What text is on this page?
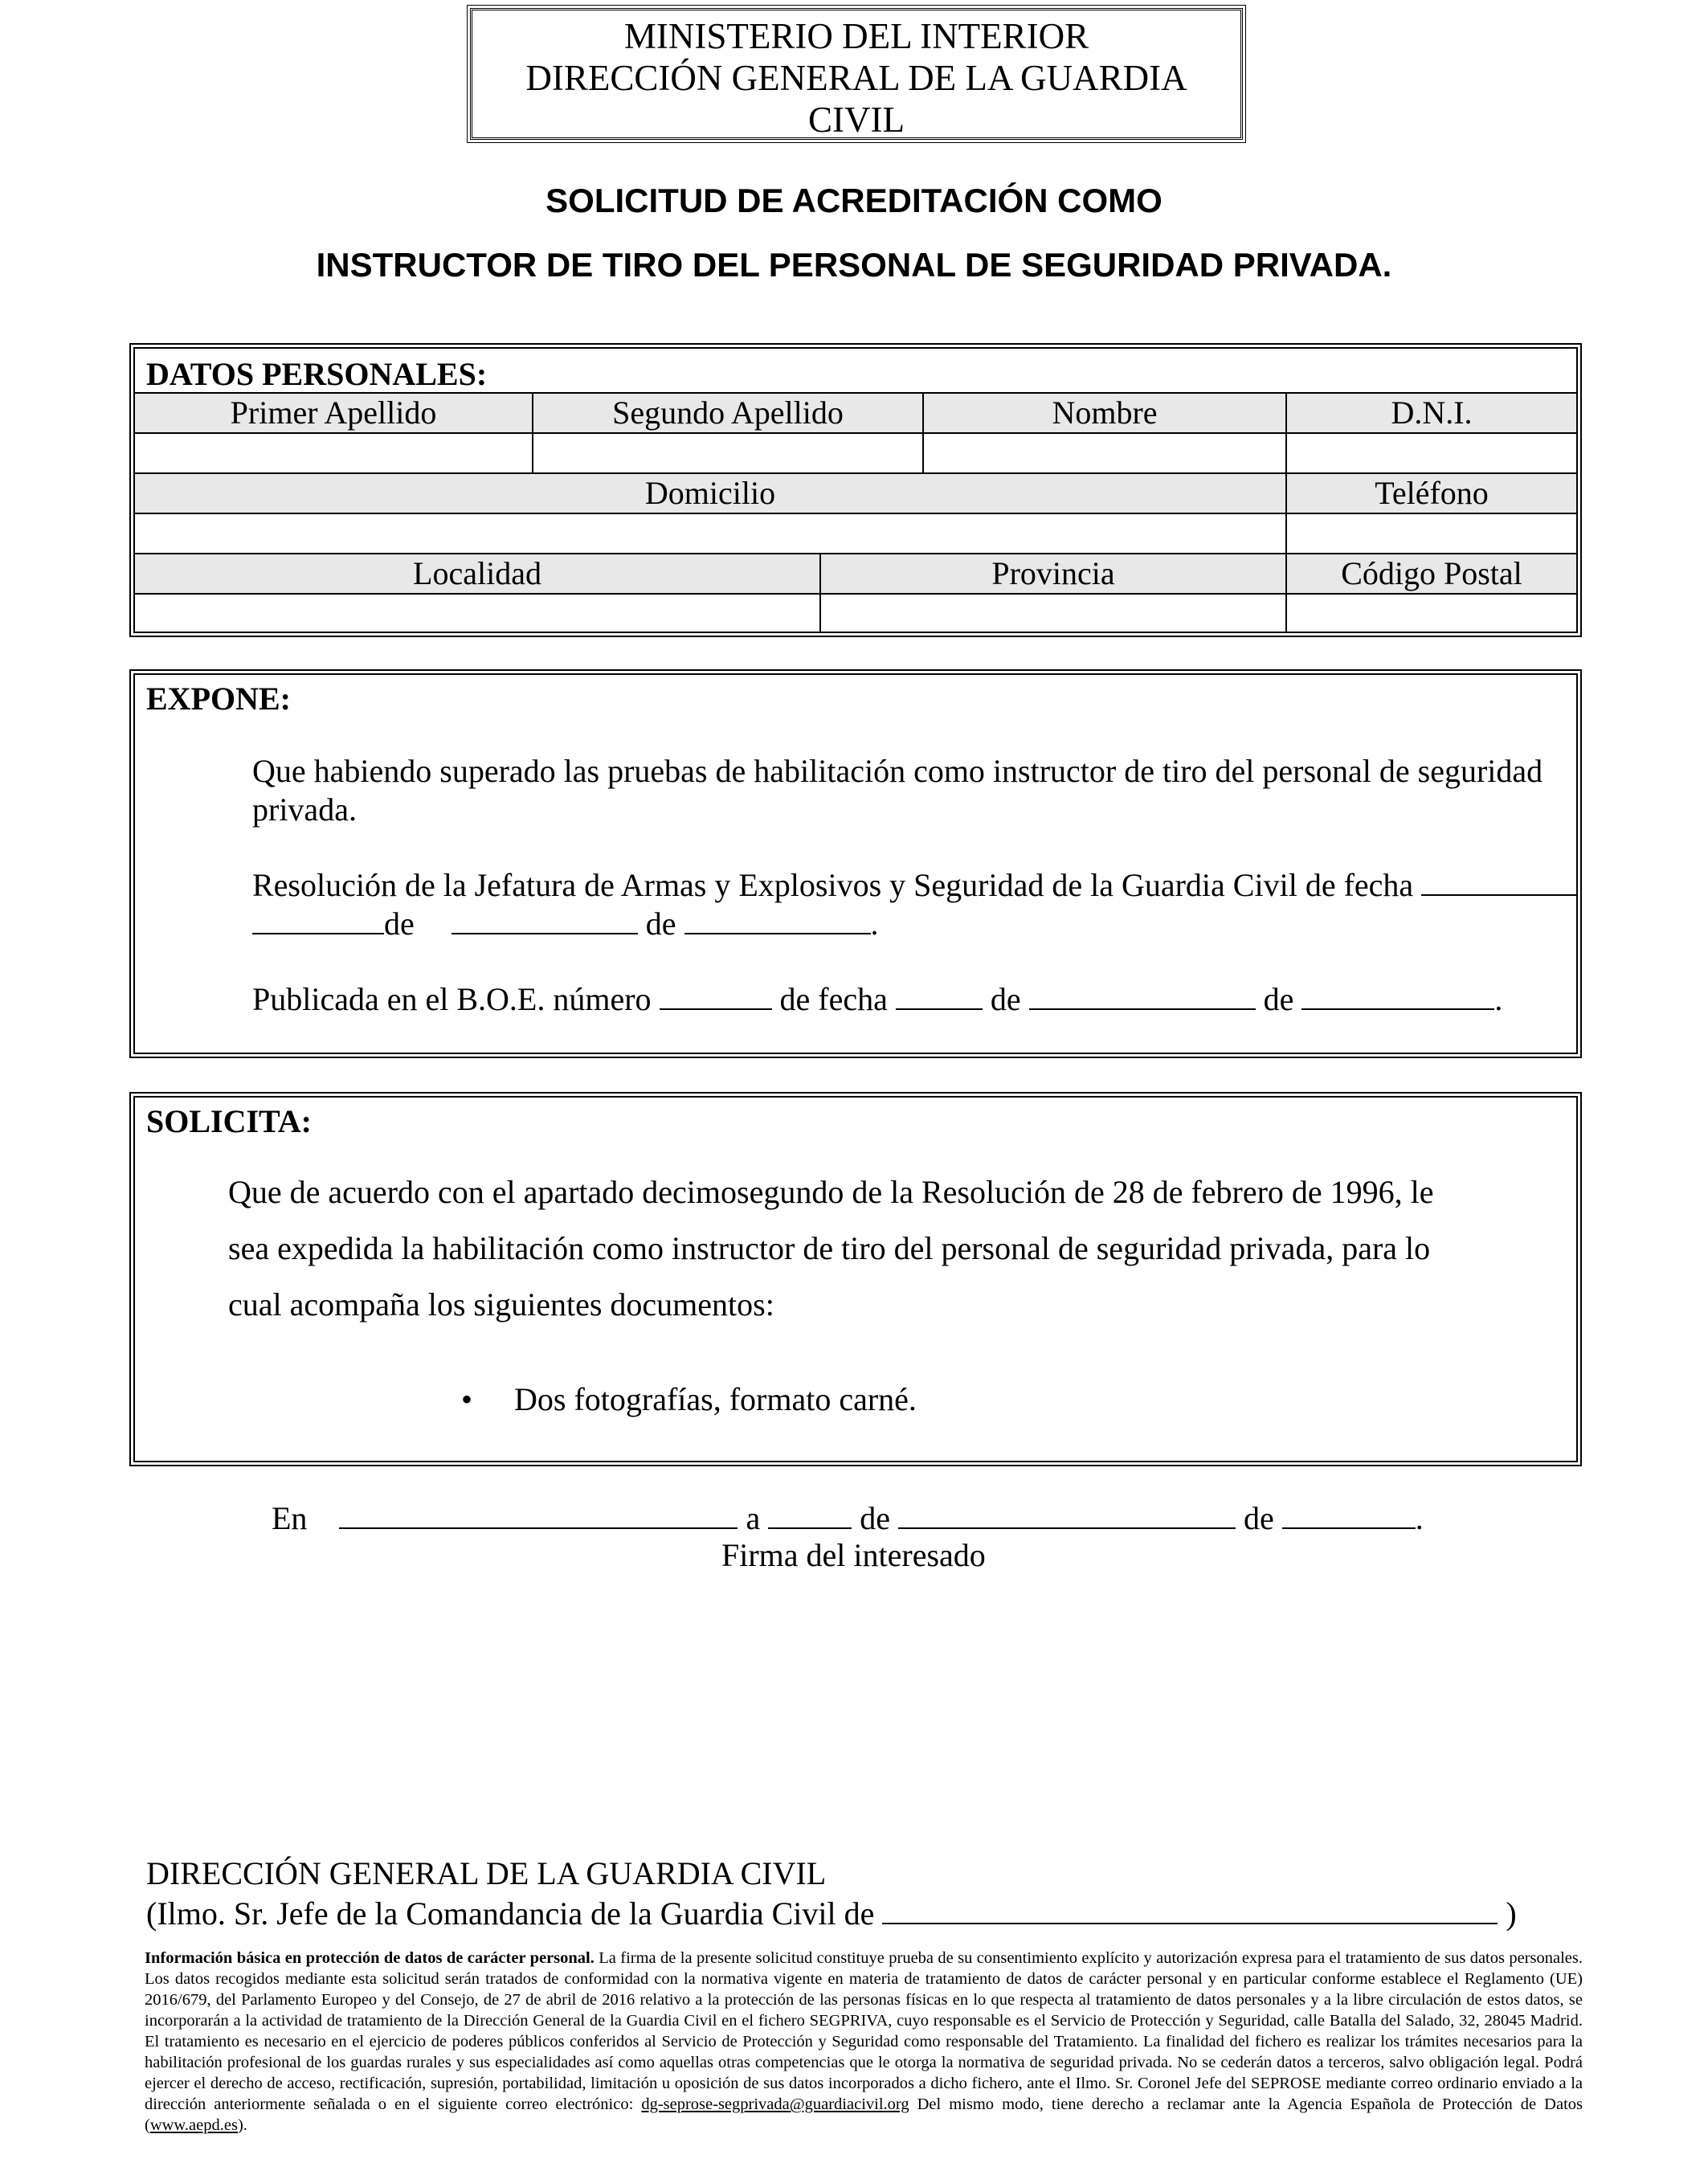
MINISTERIO DEL INTERIOR
DIRECCIÓN GENERAL DE LA GUARDIA
CIVIL
SOLICITUD DE ACREDITACIÓN COMO
INSTRUCTOR DE TIRO DEL PERSONAL DE SEGURIDAD PRIVADA.
DATOS PERSONALES:
Primer Apellido	Segundo Apellido	Nombre	D.N.I.
Domicilio	Teléfono
Localidad	Provincia	Código Postal
EXPONE:
Que habiendo superado las pruebas de habilitación como instructor de tiro del personal de seguridad
privada.
Resolución de la Jefatura de Armas y Explosivos y Seguridad de la Guardia Civil de fecha
de	de	.
Publicada en el B.O.E. número	de fecha	de	de	.
SOLICITA:
Que de acuerdo con el apartado decimosegundo de la Resolución de 28 de febrero de 1996, le
sea expedida la habilitación como instructor de tiro del personal de seguridad privada, para lo
cual acompaña los siguientes documentos:
• Dos fotografías, formato carné.
En	a	de	de	.
Firma del interesado
DIRECCIÓN GENERAL DE LA GUARDIA CIVIL
(Ilmo. Sr. Jefe de la Comandancia de la Guardia Civil de	)
Información básica en protección de datos de carácter personal. La firma de la presente solicitud constituye prueba de su consentimiento explícito y autorización expresa para el tratamiento de sus datos personales. Los datos recogidos mediante esta solicitud serán tratados de conformidad con la normativa vigente en materia de tratamiento de datos de carácter personal y en particular conforme establece el Reglamento (UE) 2016/679, del Parlamento Europeo y del Consejo, de 27 de abril de 2016 relativo a la protección de las personas físicas en lo que respecta al tratamiento de datos personales y a la libre circulación de estos datos, se incorporarán a la actividad de tratamiento de la Dirección General de la Guardia Civil en el fichero SEGPRIVA, cuyo responsable es el Servicio de Protección y Seguridad, calle Batalla del Salado, 32, 28045 Madrid. El tratamiento es necesario en el ejercicio de poderes públicos conferidos al Servicio de Protección y Seguridad como responsable del Tratamiento. La finalidad del fichero es realizar los trámites necesarios para la habilitación profesional de los guardas rurales y sus especialidades así como aquellas otras competencias que le otorga la normativa de seguridad privada. No se cederán datos a terceros, salvo obligación legal. Podrá ejercer el derecho de acceso, rectificación, supresión, portabilidad, limitación u oposición de sus datos incorporados a dicho fichero, ante el Ilmo. Sr. Coronel Jefe del SEPROSE mediante correo ordinario enviado a la dirección anteriormente señalada o en el siguiente correo electrónico: dg-seprose-segprivada@guardiacivil.org Del mismo modo, tiene derecho a reclamar ante la Agencia Española de Protección de Datos (www.aepd.es).
